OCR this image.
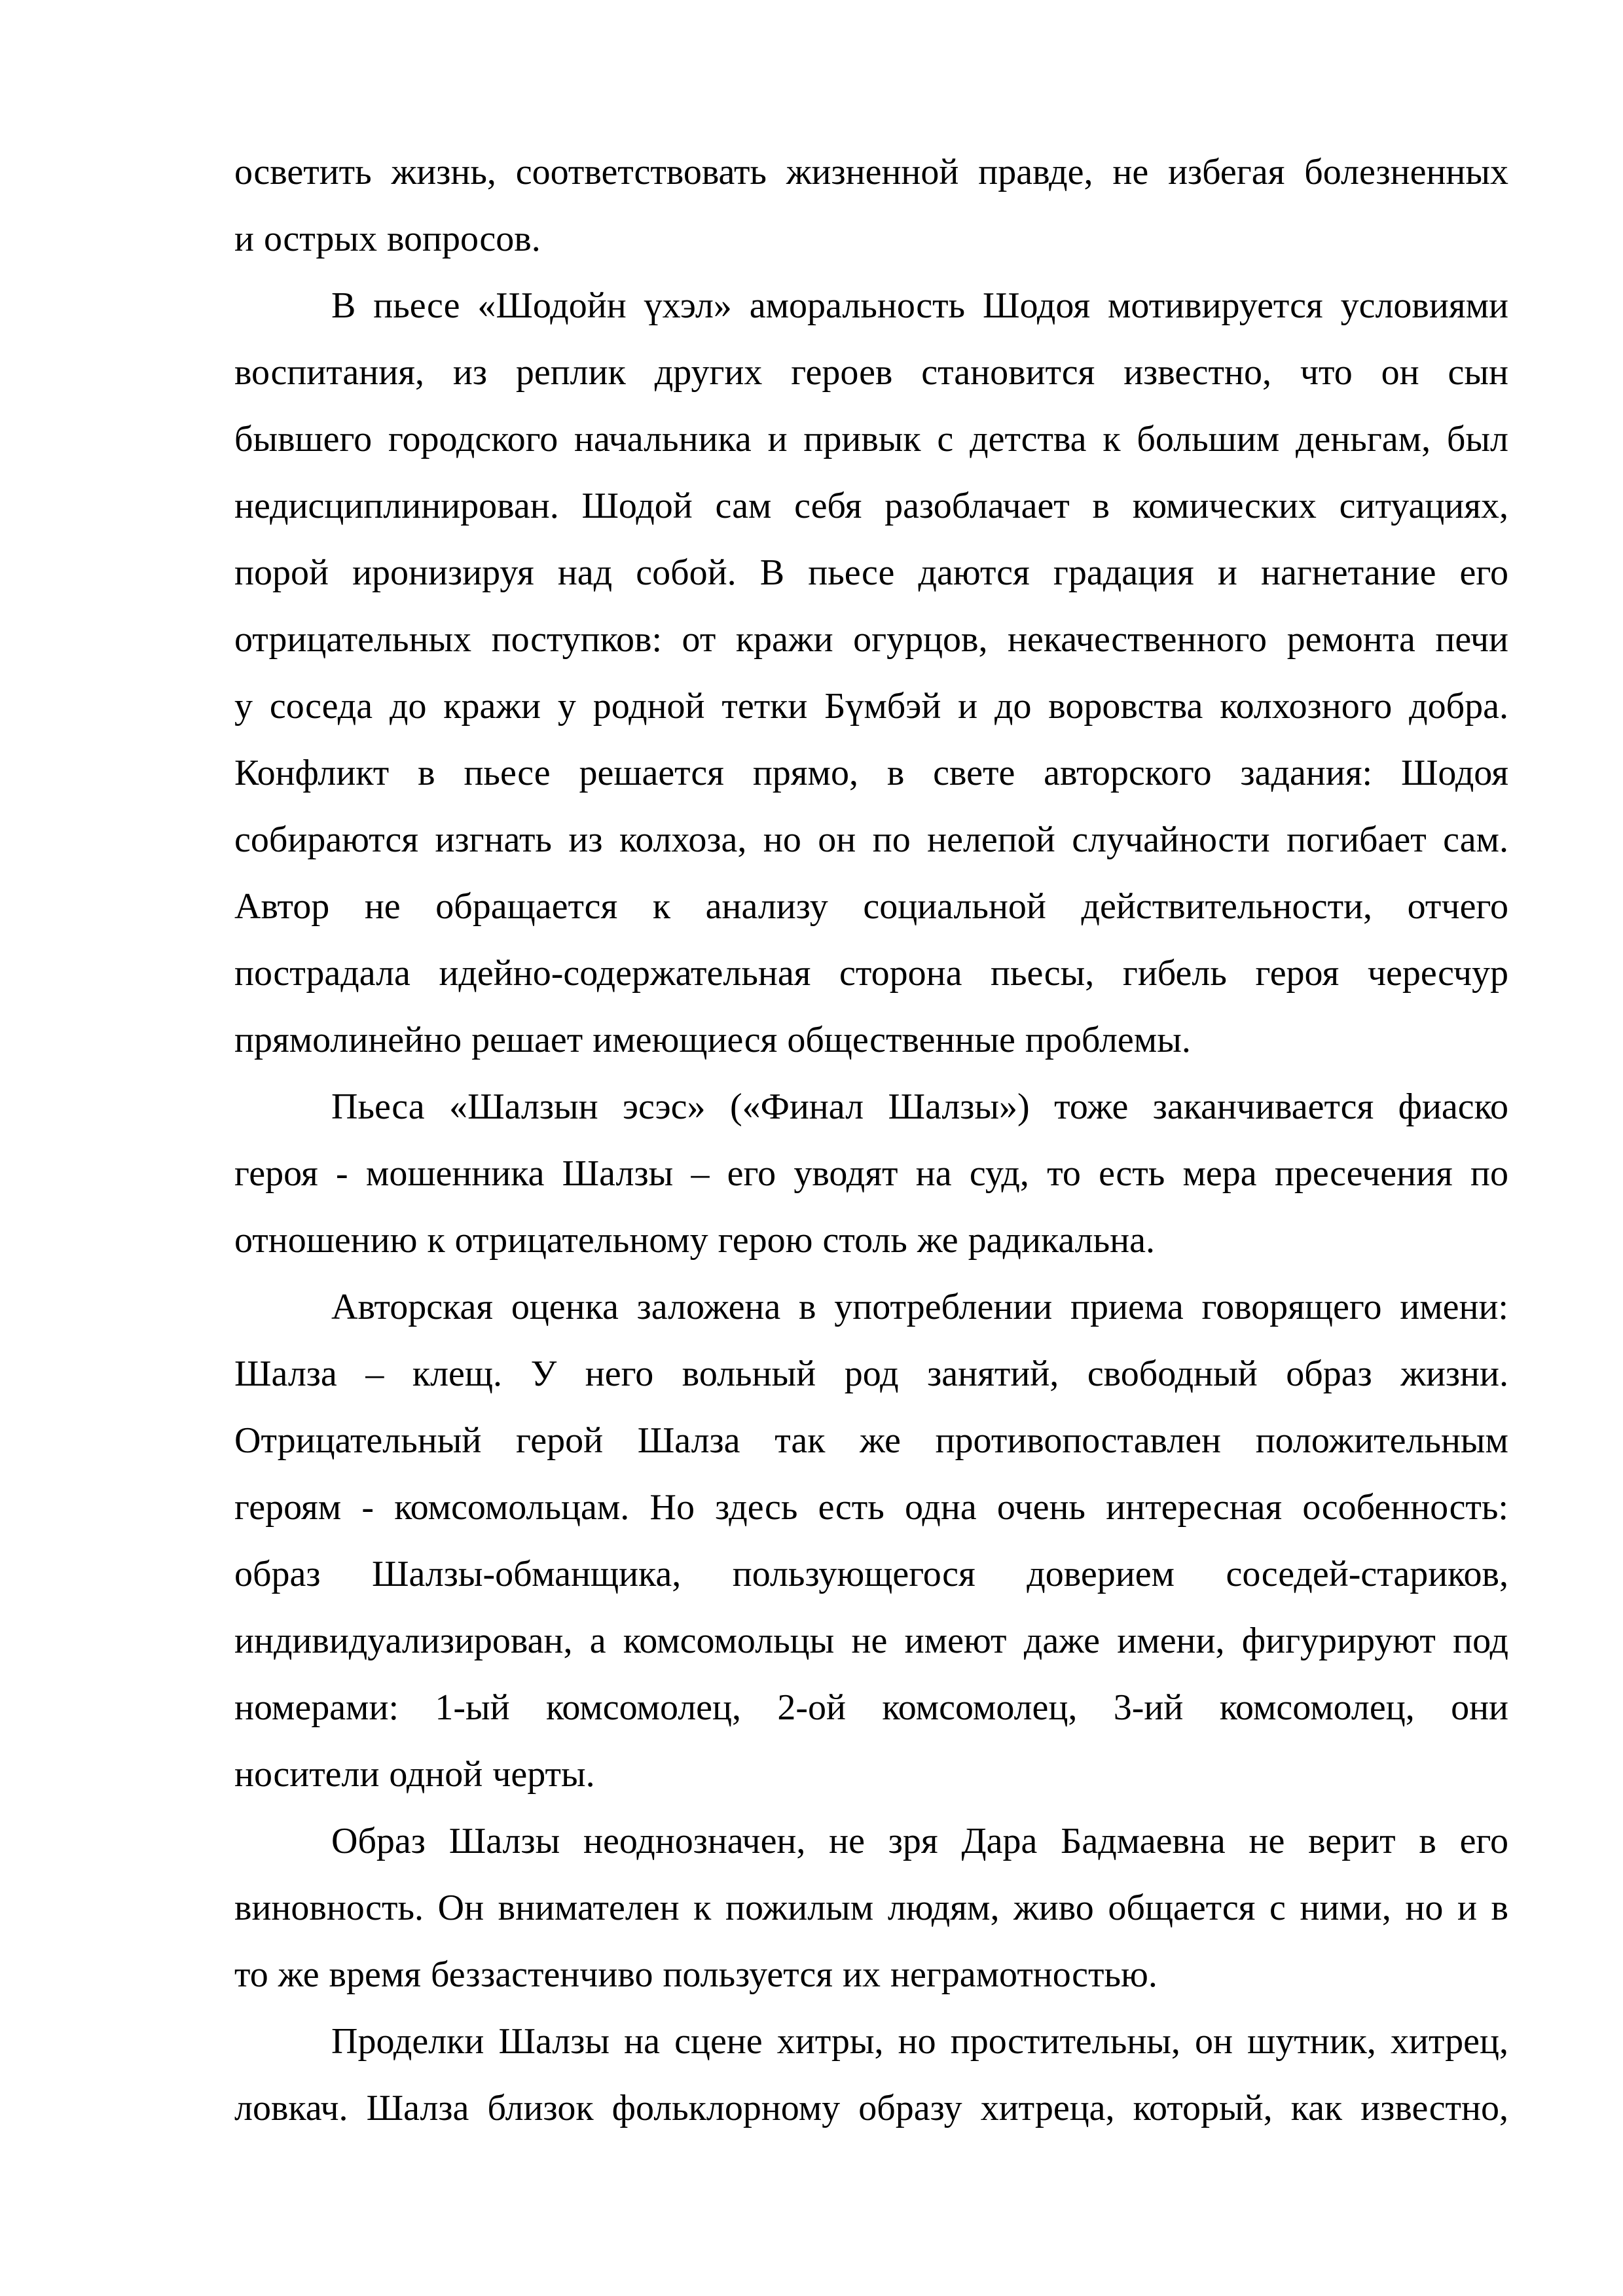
осветить жизнь, соответствовать жизненной правде, не избегая болезненных
и острых вопросов.
В пьесе «Шодойн үхэл» аморальность Шодоя мотивируется условиями
воспитания, из реплик других героев становится известно, что он сын
бывшего городского начальника и привык с детства к большим деньгам, был
недисциплинирован. Шодой сам себя разоблачает в комических ситуациях,
порой иронизируя над собой. В пьесе даются градация и нагнетание его
отрицательных поступков: от кражи огурцов, некачественного ремонта печи
у соседа до кражи у родной тетки Бүмбэй и до воровства колхозного добра.
Конфликт в пьесе решается прямо, в свете авторского задания: Шодоя
собираются изгнать из колхоза, но он по нелепой случайности погибает сам.
Автор не обращается к анализу социальной действительности, отчего
пострадала идейно-содержательная сторона пьесы, гибель героя чересчур
прямолинейно решает имеющиеся общественные проблемы.
Пьеса «Шалзын эсэс» («Финал Шалзы») тоже заканчивается фиаско
героя - мошенника Шалзы – его уводят на суд, то есть мера пресечения по
отношению к отрицательному герою столь же радикальна.
Авторская оценка заложена в употреблении приема говорящего имени:
Шалза – клещ. У него вольный род занятий, свободный образ жизни.
Отрицательный герой Шалза так же противопоставлен положительным
героям - комсомольцам. Но здесь есть одна очень интересная особенность:
образ Шалзы-обманщика, пользующегося доверием соседей-стариков,
индивидуализирован, а комсомольцы не имеют даже имени, фигурируют под
номерами: 1-ый комсомолец, 2-ой комсомолец, 3-ий комсомолец, они
носители одной черты.
Образ Шалзы неоднозначен, не зря Дара Бадмаевна не верит в его
виновность. Он внимателен к пожилым людям, живо общается с ними, но и в
то же время беззастенчиво пользуется их неграмотностью.
Проделки Шалзы на сцене хитры, но простительны, он шутник, хитрец,
ловкач. Шалза близок фольклорному образу хитреца, который, как известно,
